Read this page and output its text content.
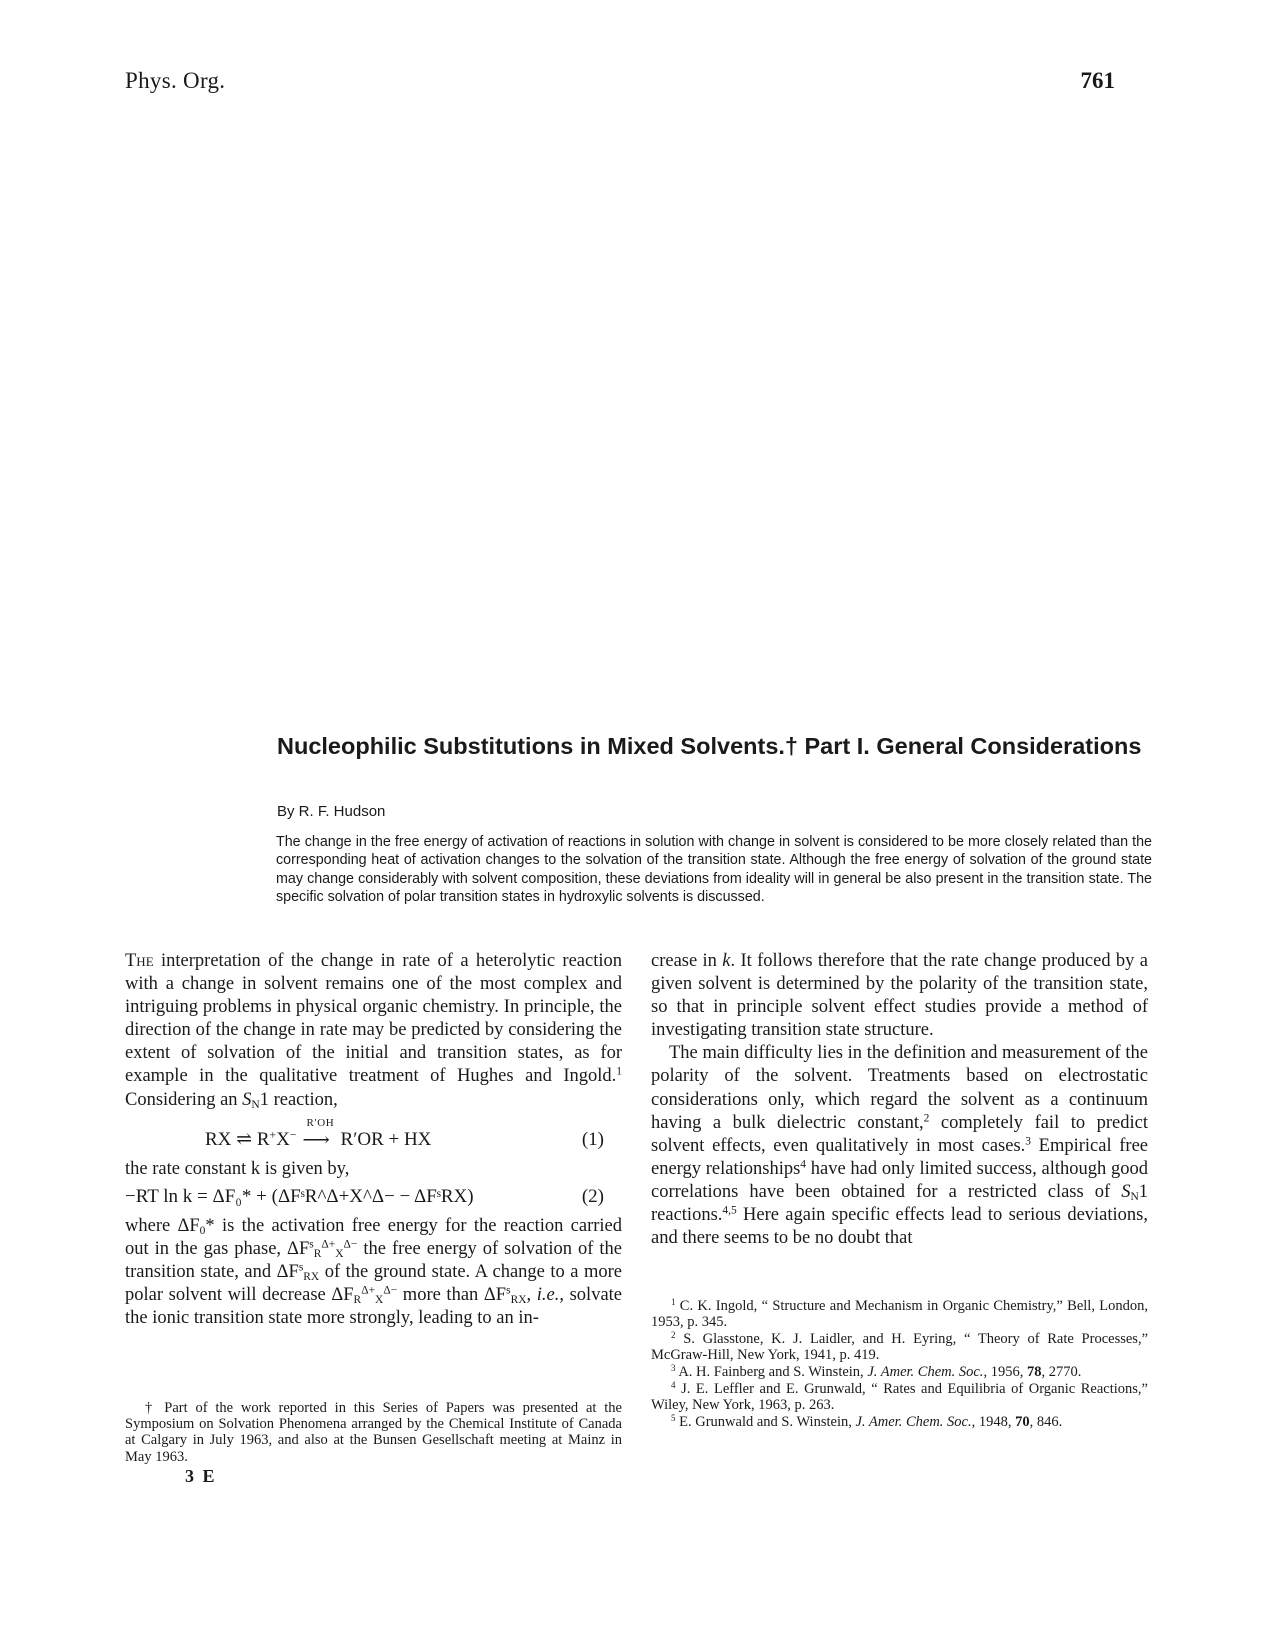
Phys. Org.	761
Nucleophilic Substitutions in Mixed Solvents.† Part I. General Considerations
By R. F. Hudson

The change in the free energy of activation of reactions in solution with change in solvent is considered to be more closely related than the corresponding heat of activation changes to the solvation of the transition state. Although the free energy of solvation of the ground state may change considerably with solvent composition, these deviations from ideality will in general be also present in the transition state. The specific solvation of polar transition states in hydroxylic solvents is discussed.

The interpretation of the change in rate of a heterolytic reaction with a change in solvent remains one of the most complex and intriguing problems in physical organic chemistry. In principle, the direction of the change in rate may be predicted by considering the extent of solvation of the initial and transition states, as for example in the qualitative treatment of Hughes and Ingold.$^1$ Considering an $S_N1$ reaction,

RX ⇌ R+X−
R′OH
⟶ R′OR + HX	(1)

the rate constant k is given by,

−RT ln k = ΔF₀* + (ΔFˢR^Δ+X^Δ− − ΔFˢRX)	(2)

where $\Delta F_0*$ is the activation free energy for the reaction carried out in the gas phase, $\Delta F^s_R^{\Delta+}_X^{\Delta-}$ the free energy of solvation of the transition state, and $\Delta F^s_{RX}$ of the ground state. A change to a more polar solvent will decrease $\Delta F_R^{\Delta+}_X^{\Delta-}$ more than $\Delta F^s_{RX}$, i.e., solvate the ionic transition state more strongly, leading to an in-

† Part of the work reported in this Series of Papers was presented at the Symposium on Solvation Phenomena arranged by the Chemical Institute of Canada at Calgary in July 1963, and also at the Bunsen Gesellschaft meeting at Mainz in May 1963.

3 E

crease in k. It follows therefore that the rate change produced by a given solvent is determined by the polarity of the transition state, so that in principle solvent effect studies provide a method of investigating transition state structure.

The main difficulty lies in the definition and measurement of the polarity of the solvent. Treatments based on electrostatic considerations only, which regard the solvent as a continuum having a bulk dielectric constant,$^2$ completely fail to predict solvent effects, even qualitatively in most cases.$^3$ Empirical free energy relationships$^4$ have had only limited success, although good correlations have been obtained for a restricted class of $S_N1$ reactions.$^{4,5}$ Here again specific effects lead to serious deviations, and there seems to be no doubt that

$^1$ C. K. Ingold, “ Structure and Mechanism in Organic Chemistry,” Bell, London, 1953, p. 345.

$^2$ S. Glasstone, K. J. Laidler, and H. Eyring, “ Theory of Rate Processes,” McGraw-Hill, New York, 1941, p. 419.

$^3$ A. H. Fainberg and S. Winstein, J. Amer. Chem. Soc., 1956, 78, 2770.

$^4$ J. E. Leffler and E. Grunwald, “ Rates and Equilibria of Organic Reactions,” Wiley, New York, 1963, p. 263.

$^5$ E. Grunwald and S. Winstein, J. Amer. Chem. Soc., 1948, 70, 846.
